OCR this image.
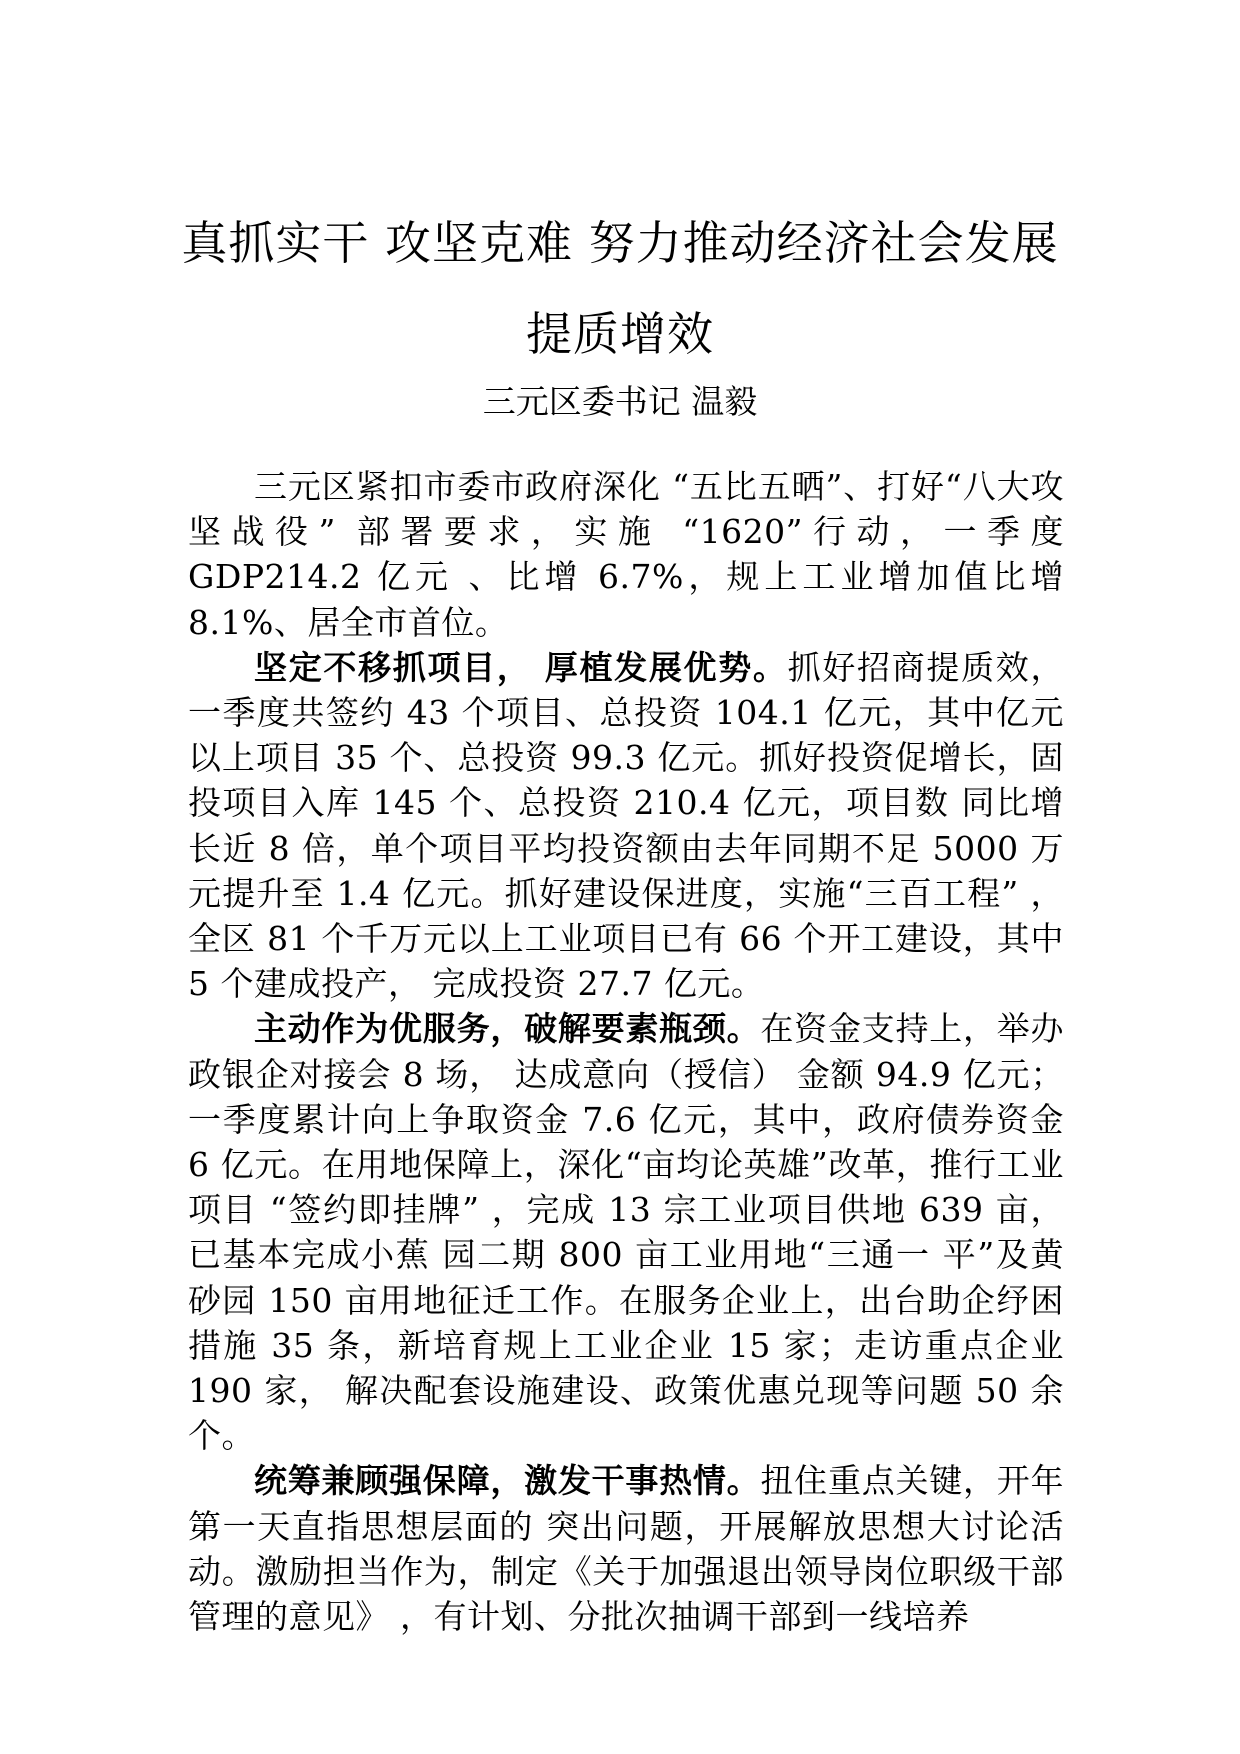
真抓实干 攻坚克难 努力推动经济社会发展
提质增效
三元区委书记 温毅

三元区紧扣市委市政府深化 “五比五晒”、打好“八大攻坚战役” 部署要求，实施 “1620”行动，一季度 GDP214.2 亿元 、比增 6.7%，规上工业增加值比增 8.1%、居全市首位。

坚定不移抓项目， 厚植发展优势。抓好招商提质效，一季度共签约 43 个项目、总投资 104.1 亿元，其中亿元以上项目 35 个、总投资 99.3 亿元。抓好投资促增长，固投项目入库 145 个、总投资 210.4 亿元，项目数 同比增长近 8 倍，单个项目平均投资额由去年同期不足 5000 万元提升至 1.4 亿元。抓好建设保进度，实施“三百工程” ，全区 81 个千万元以上工业项目已有 66 个开工建设，其中 5 个建成投产， 完成投资 27.7 亿元。

主动作为优服务，破解要素瓶颈。在资金支持上，举办政银企对接会 8 场， 达成意向（授信） 金额 94.9 亿元；一季度累计向上争取资金 7.6 亿元，其中，政府债券资金 6 亿元。在用地保障上，深化“亩均论英雄”改革，推行工业项目 “签约即挂牌” ，完成 13 宗工业项目供地 639 亩，已基本完成小蕉 园二期 800 亩工业用地“三通一 平”及黄砂园 150 亩用地征迁工作。在服务企业上，出台助企纾困措施 35 条，新培育规上工业企业 15 家；走访重点企业 190 家， 解决配套设施建设、政策优惠兑现等问题 50 余个。

统筹兼顾强保障，激发干事热情。扭住重点关键，开年第一天直指思想层面的 突出问题，开展解放思想大讨论活动。激励担当作为，制定《关于加强退出领导岗位职级干部管理的意见》 ，有计划、分批次抽调干部到一线培养
